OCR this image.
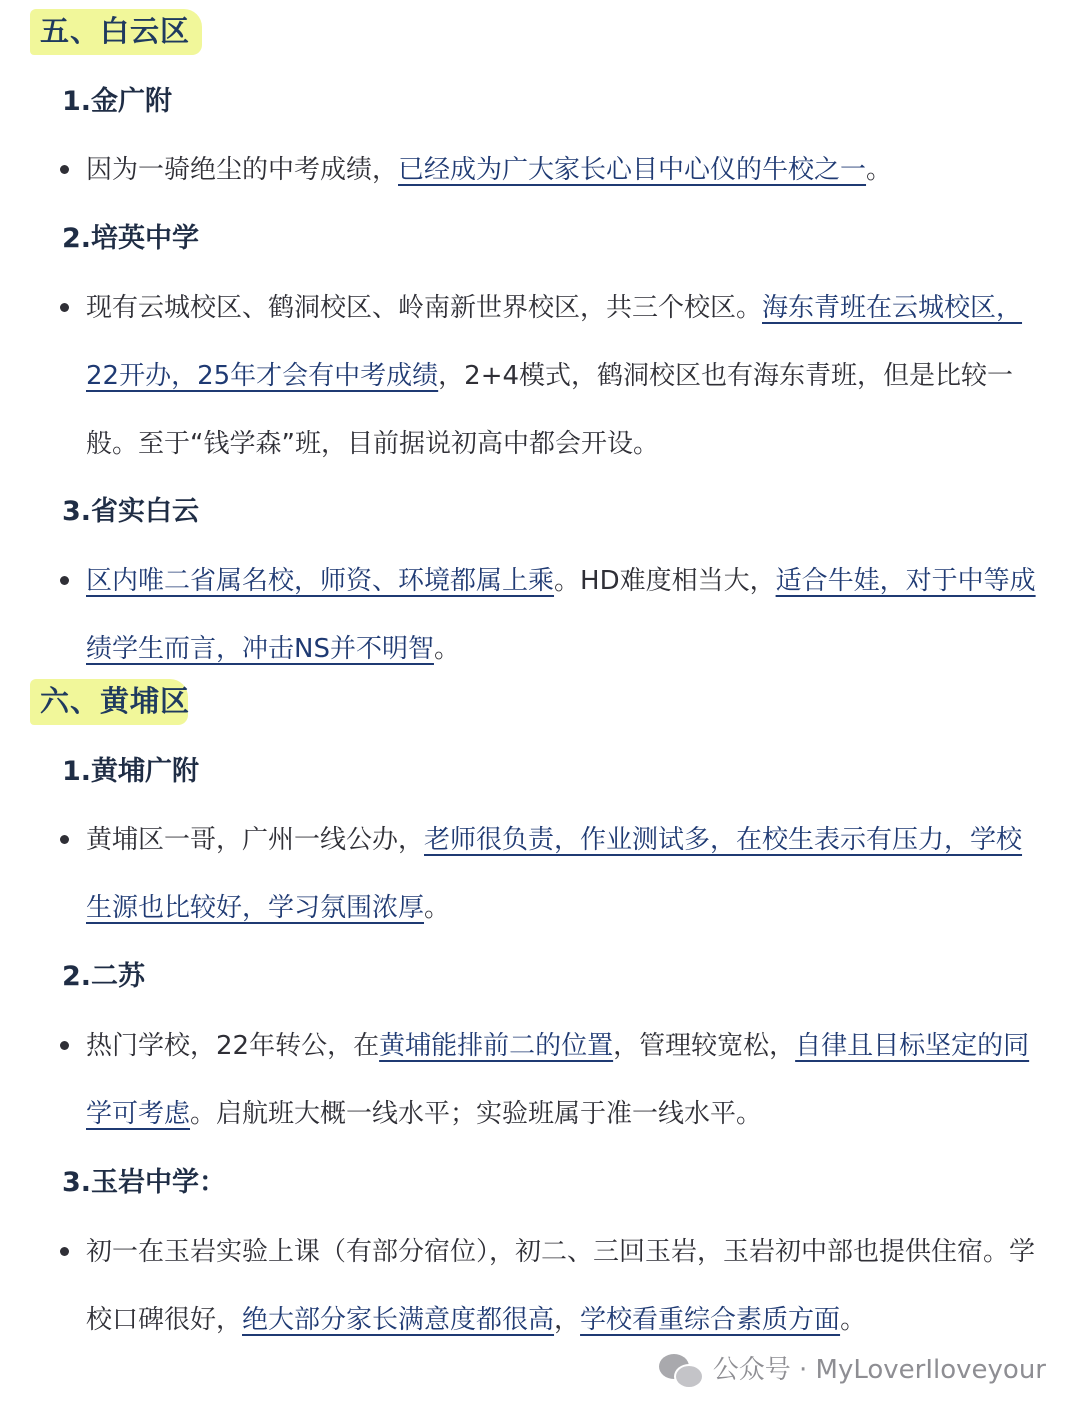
五、白云区
1.金广附
因为一骑绝尘的中考成绩，已经成为广大家长心目中心仪的牛校之一。
2.培英中学
现有云城校区、鹤洞校区、岭南新世界校区，共三个校区。海东青班在云城校区，22开办，25年才会有中考成绩，2+4模式，鹤洞校区也有海东青班，但是比较一般。至于“钱学森”班，目前据说初高中都会开设。
3.省实白云
区内唯二省属名校，师资、环境都属上乘。HD难度相当大，适合牛娃，对于中等成绩学生而言，冲击NS并不明智。
六、黄埔区
1.黄埔广附
黄埔区一哥，广州一线公办，老师很负责，作业测试多，在校生表示有压力，学校生源也比较好，学习氛围浓厚。
2.二苏
热门学校，22年转公，在黄埔能排前二的位置，管理较宽松，自律且目标坚定的同学可考虑。启航班大概一线水平；实验班属于准一线水平。
3.玉岩中学：
初一在玉岩实验上课（有部分宿位），初二、三回玉岩，玉岩初中部也提供住宿。学校口碑很好，绝大部分家长满意度都很高，学校看重综合素质方面。
公众号 · MyLoverIloveyour
